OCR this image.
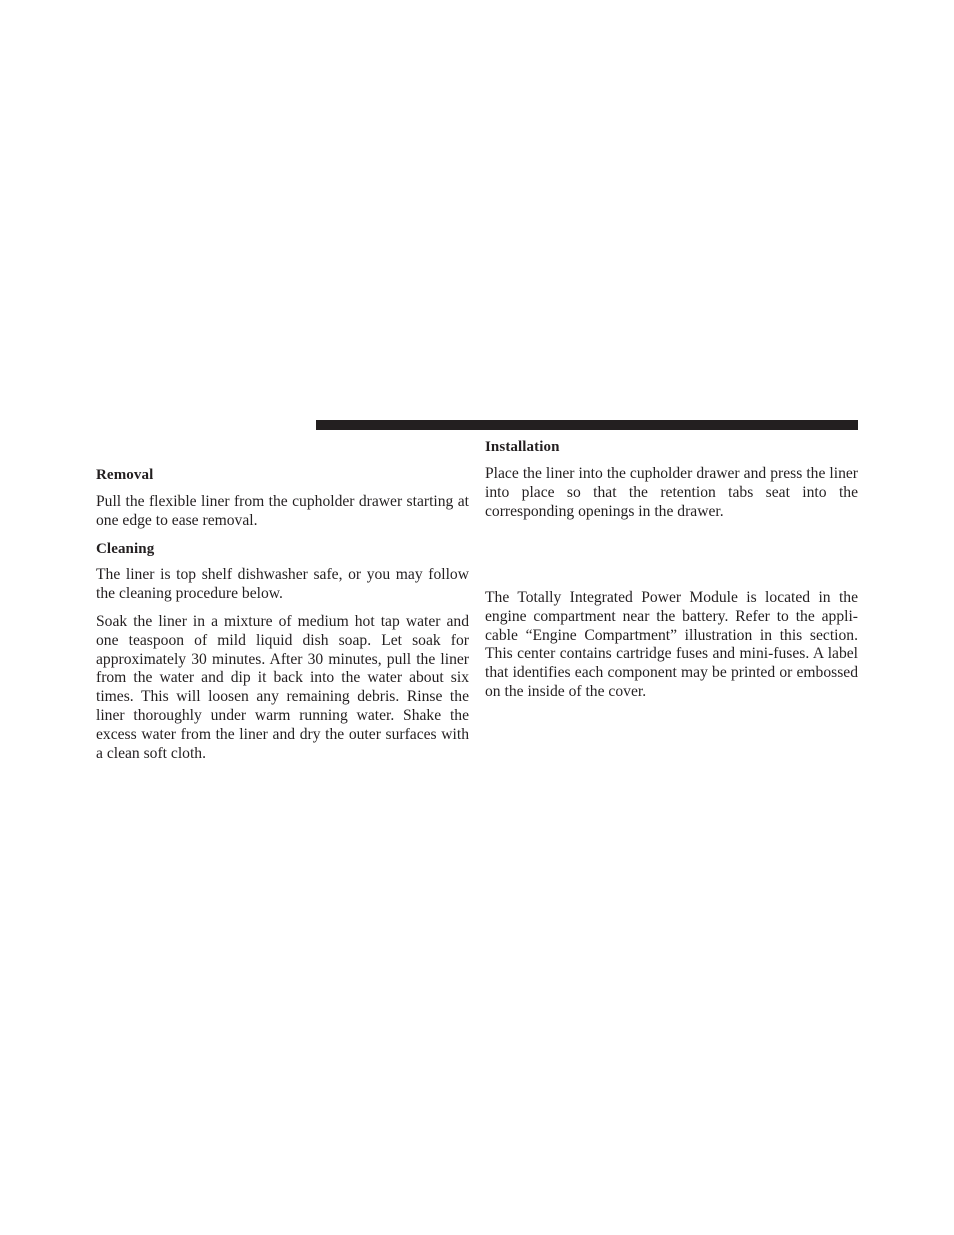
Removal
Pull the flexible liner from the cupholder drawer starting at one edge to ease removal.
Cleaning
The liner is top shelf dishwasher safe, or you may follow the cleaning procedure below.
Soak the liner in a mixture of medium hot tap water and one teaspoon of mild liquid dish soap. Let soak for approximately 30 minutes. After 30 minutes, pull the liner from the water and dip it back into the water about six times. This will loosen any remaining debris. Rinse the liner thoroughly under warm running water. Shake the excess water from the liner and dry the outer surfaces with a clean soft cloth.
Installation
Place the liner into the cupholder drawer and press the liner into place so that the retention tabs seat into the corresponding openings in the drawer.
The Totally Integrated Power Module is located in the engine compartment near the battery. Refer to the appli-cable “Engine Compartment” illustration in this section. This center contains cartridge fuses and mini-fuses. A label that identifies each component may be printed or embossed on the inside of the cover.
